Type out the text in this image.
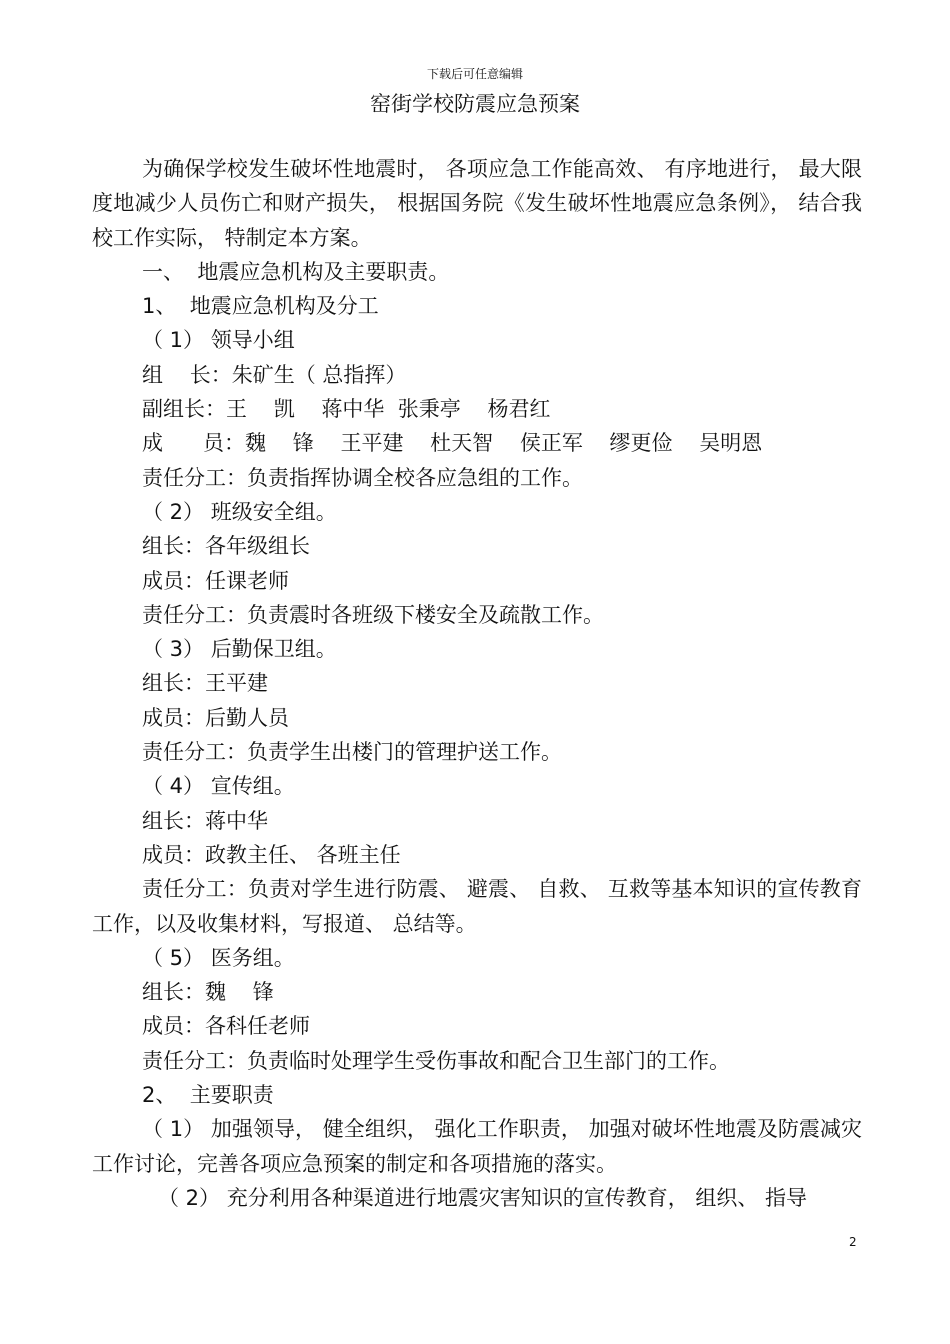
下载后可任意编辑
窑街学校防震应急预案

为确保学校发生破坏性地震时， 各项应急工作能高效、 有序地进行， 最大限度地减少人员伤亡和财产损失， 根据国务院《发生破坏性地震应急条例》， 结合我校工作实际， 特制定本方案。

一、  地震应急机构及主要职责。

1、  地震应急机构及分工

（ 1） 领导小组

组    长：朱矿生（ 总指挥）

副组长：王    凯    蒋中华  张秉亭    杨君红

成      员：魏    锋    王平建    杜天智    侯正军    缪更俭    吴明恩

责任分工：负责指挥协调全校各应急组的工作。

（ 2） 班级安全组。

组长：各年级组长

成员：任课老师

责任分工：负责震时各班级下楼安全及疏散工作。

（ 3） 后勤保卫组。

组长：王平建

成员：后勤人员

责任分工：负责学生出楼门的管理护送工作。

（ 4） 宣传组。

组长：蒋中华

成员：政教主任、 各班主任

责任分工：负责对学生进行防震、 避震、 自救、 互救等基本知识的宣传教育工作，以及收集材料，写报道、 总结等。

（ 5） 医务组。

组长：魏    锋

成员：各科任老师

责任分工：负责临时处理学生受伤事故和配合卫生部门的工作。

2、  主要职责

（ 1） 加强领导， 健全组织， 强化工作职责， 加强对破坏性地震及防震减灾工作讨论，完善各项应急预案的制定和各项措施的落实。

（ 2） 充分利用各种渠道进行地震灾害知识的宣传教育， 组织、 指导

2
